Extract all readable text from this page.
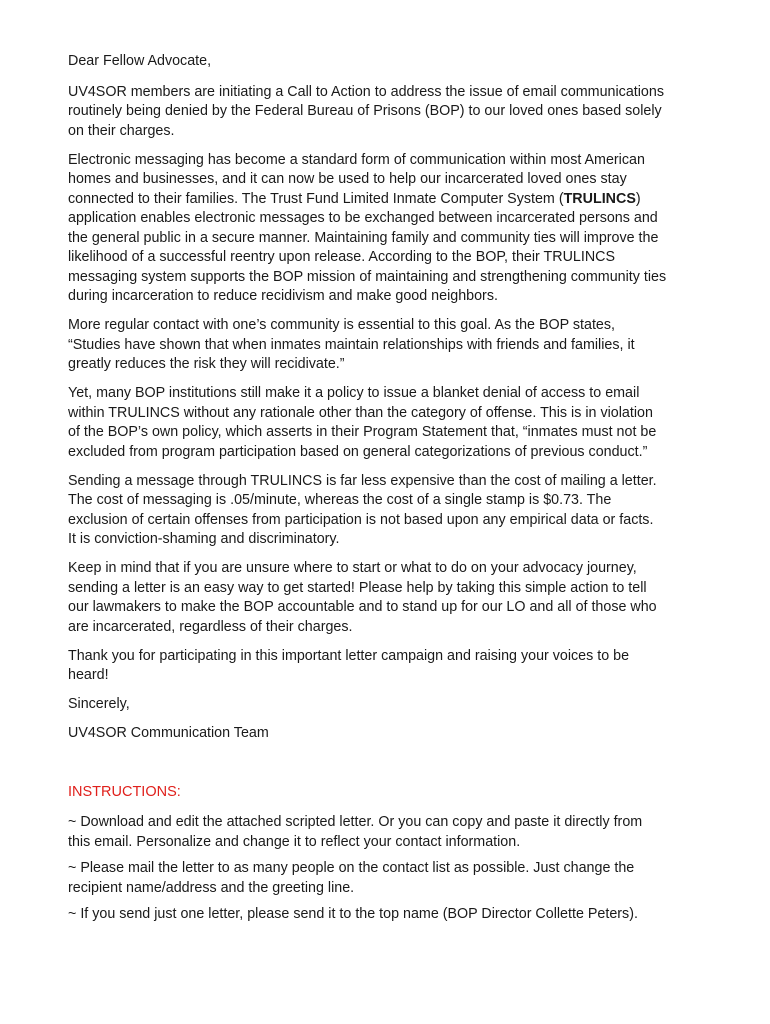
Dear Fellow Advocate,

UV4SOR members are initiating a Call to Action to address the issue of email communications
routinely being denied by the Federal Bureau of Prisons (BOP) to our loved ones based solely
on their charges.

Electronic messaging has become a standard form of communication within most American
homes and businesses, and it can now be used to help our incarcerated loved ones stay
connected to their families. The Trust Fund Limited Inmate Computer System (TRULINCS)
application enables electronic messages to be exchanged between incarcerated persons and
the general public in a secure manner. Maintaining family and community ties will improve the
likelihood of a successful reentry upon release. According to the BOP, their TRULINCS
messaging system supports the BOP mission of maintaining and strengthening community ties
during incarceration to reduce recidivism and make good neighbors.

More regular contact with one’s community is essential to this goal. As the BOP states,
“Studies have shown that when inmates maintain relationships with friends and families, it
greatly reduces the risk they will recidivate.”

Yet, many BOP institutions still make it a policy to issue a blanket denial of access to email
within TRULINCS without any rationale other than the category of offense. This is in violation
of the BOP’s own policy, which asserts in their Program Statement that, “inmates must not be
excluded from program participation based on general categorizations of previous conduct.”

Sending a message through TRULINCS is far less expensive than the cost of mailing a letter.
The cost of messaging is .05/minute, whereas the cost of a single stamp is $0.73. The
exclusion of certain offenses from participation is not based upon any empirical data or facts.
It is conviction-shaming and discriminatory.

Keep in mind that if you are unsure where to start or what to do on your advocacy journey,
sending a letter is an easy way to get started! Please help by taking this simple action to tell
our lawmakers to make the BOP accountable and to stand up for our LO and all of those who
are incarcerated, regardless of their charges.

Thank you for participating in this important letter campaign and raising your voices to be
heard!

Sincerely,

UV4SOR Communication Team

INSTRUCTIONS:

~ Download and edit the attached scripted letter. Or you can copy and paste it directly from
this email. Personalize and change it to reflect your contact information.

~ Please mail the letter to as many people on the contact list as possible. Just change the
recipient name/address and the greeting line.

~ If you send just one letter, please send it to the top name (BOP Director Collette Peters).
